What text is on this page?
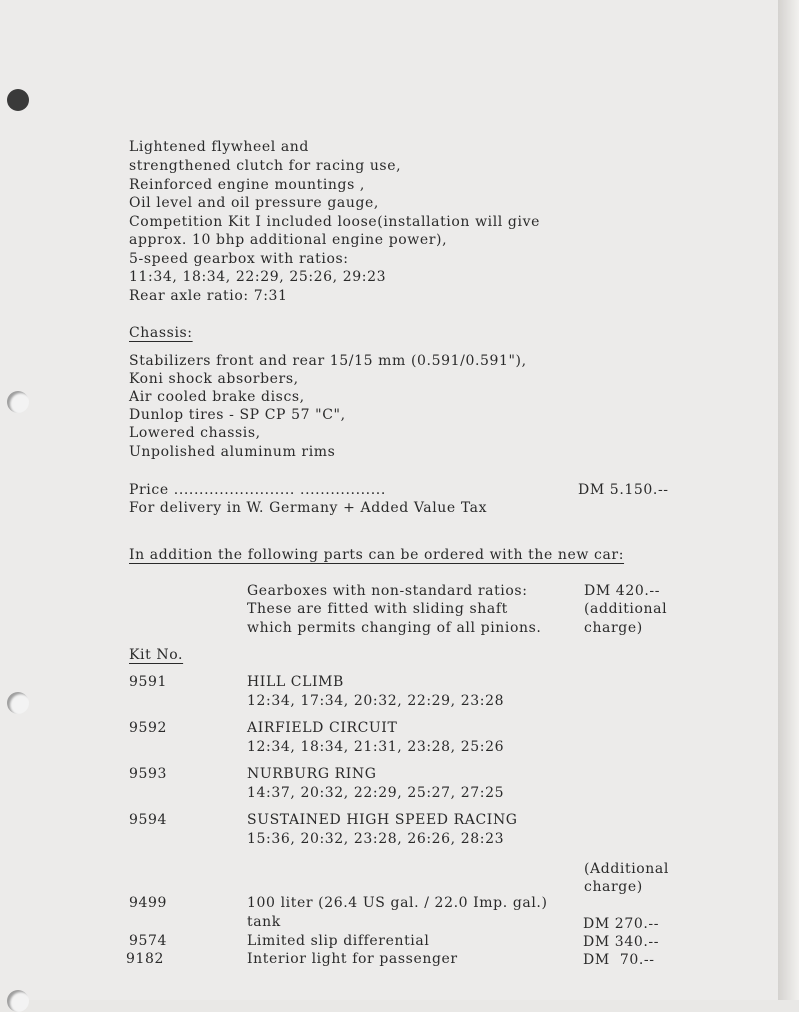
Lightened flywheel and
strengthened clutch for racing use,
Reinforced engine mountings ,
Oil level and oil pressure gauge,
Competition Kit I included loose(installation will give
approx. 10 bhp additional engine power),
5-speed gearbox with ratios:
11:34, 18:34, 22:29, 25:26, 29:23
Rear axle ratio: 7:31
Chassis:
Stabilizers front and rear 15/15 mm (0.591/0.591"),
Koni shock absorbers,
Air cooled brake discs,
Dunlop tires - SP CP 57 "C",
Lowered chassis,
Unpolished aluminum rims
Price ........................ .................	DM 5.150.--
For delivery in W. Germany + Added Value Tax
In addition the following parts can be ordered with the new car:
Gearboxes with non-standard ratios:
These are fitted with sliding shaft
which permits changing of all pinions.
DM 420.--
(additional
charge)
Kit No.
9591	HILL CLIMB
12:34, 17:34, 20:32, 22:29, 23:28
9592	AIRFIELD CIRCUIT
12:34, 18:34, 21:31, 23:28, 25:26
9593	NURBURG RING
14:37, 20:32, 22:29, 25:27, 27:25
9594	SUSTAINED HIGH SPEED RACING
15:36, 20:32, 23:28, 26:26, 28:23
(Additional
charge)
9499	100 liter (26.4 US gal. / 22.0 Imp. gal.)
tank	DM 270.--
9574	Limited slip differential	DM 340.--
9182	Interior light for passenger	DM  70.--
